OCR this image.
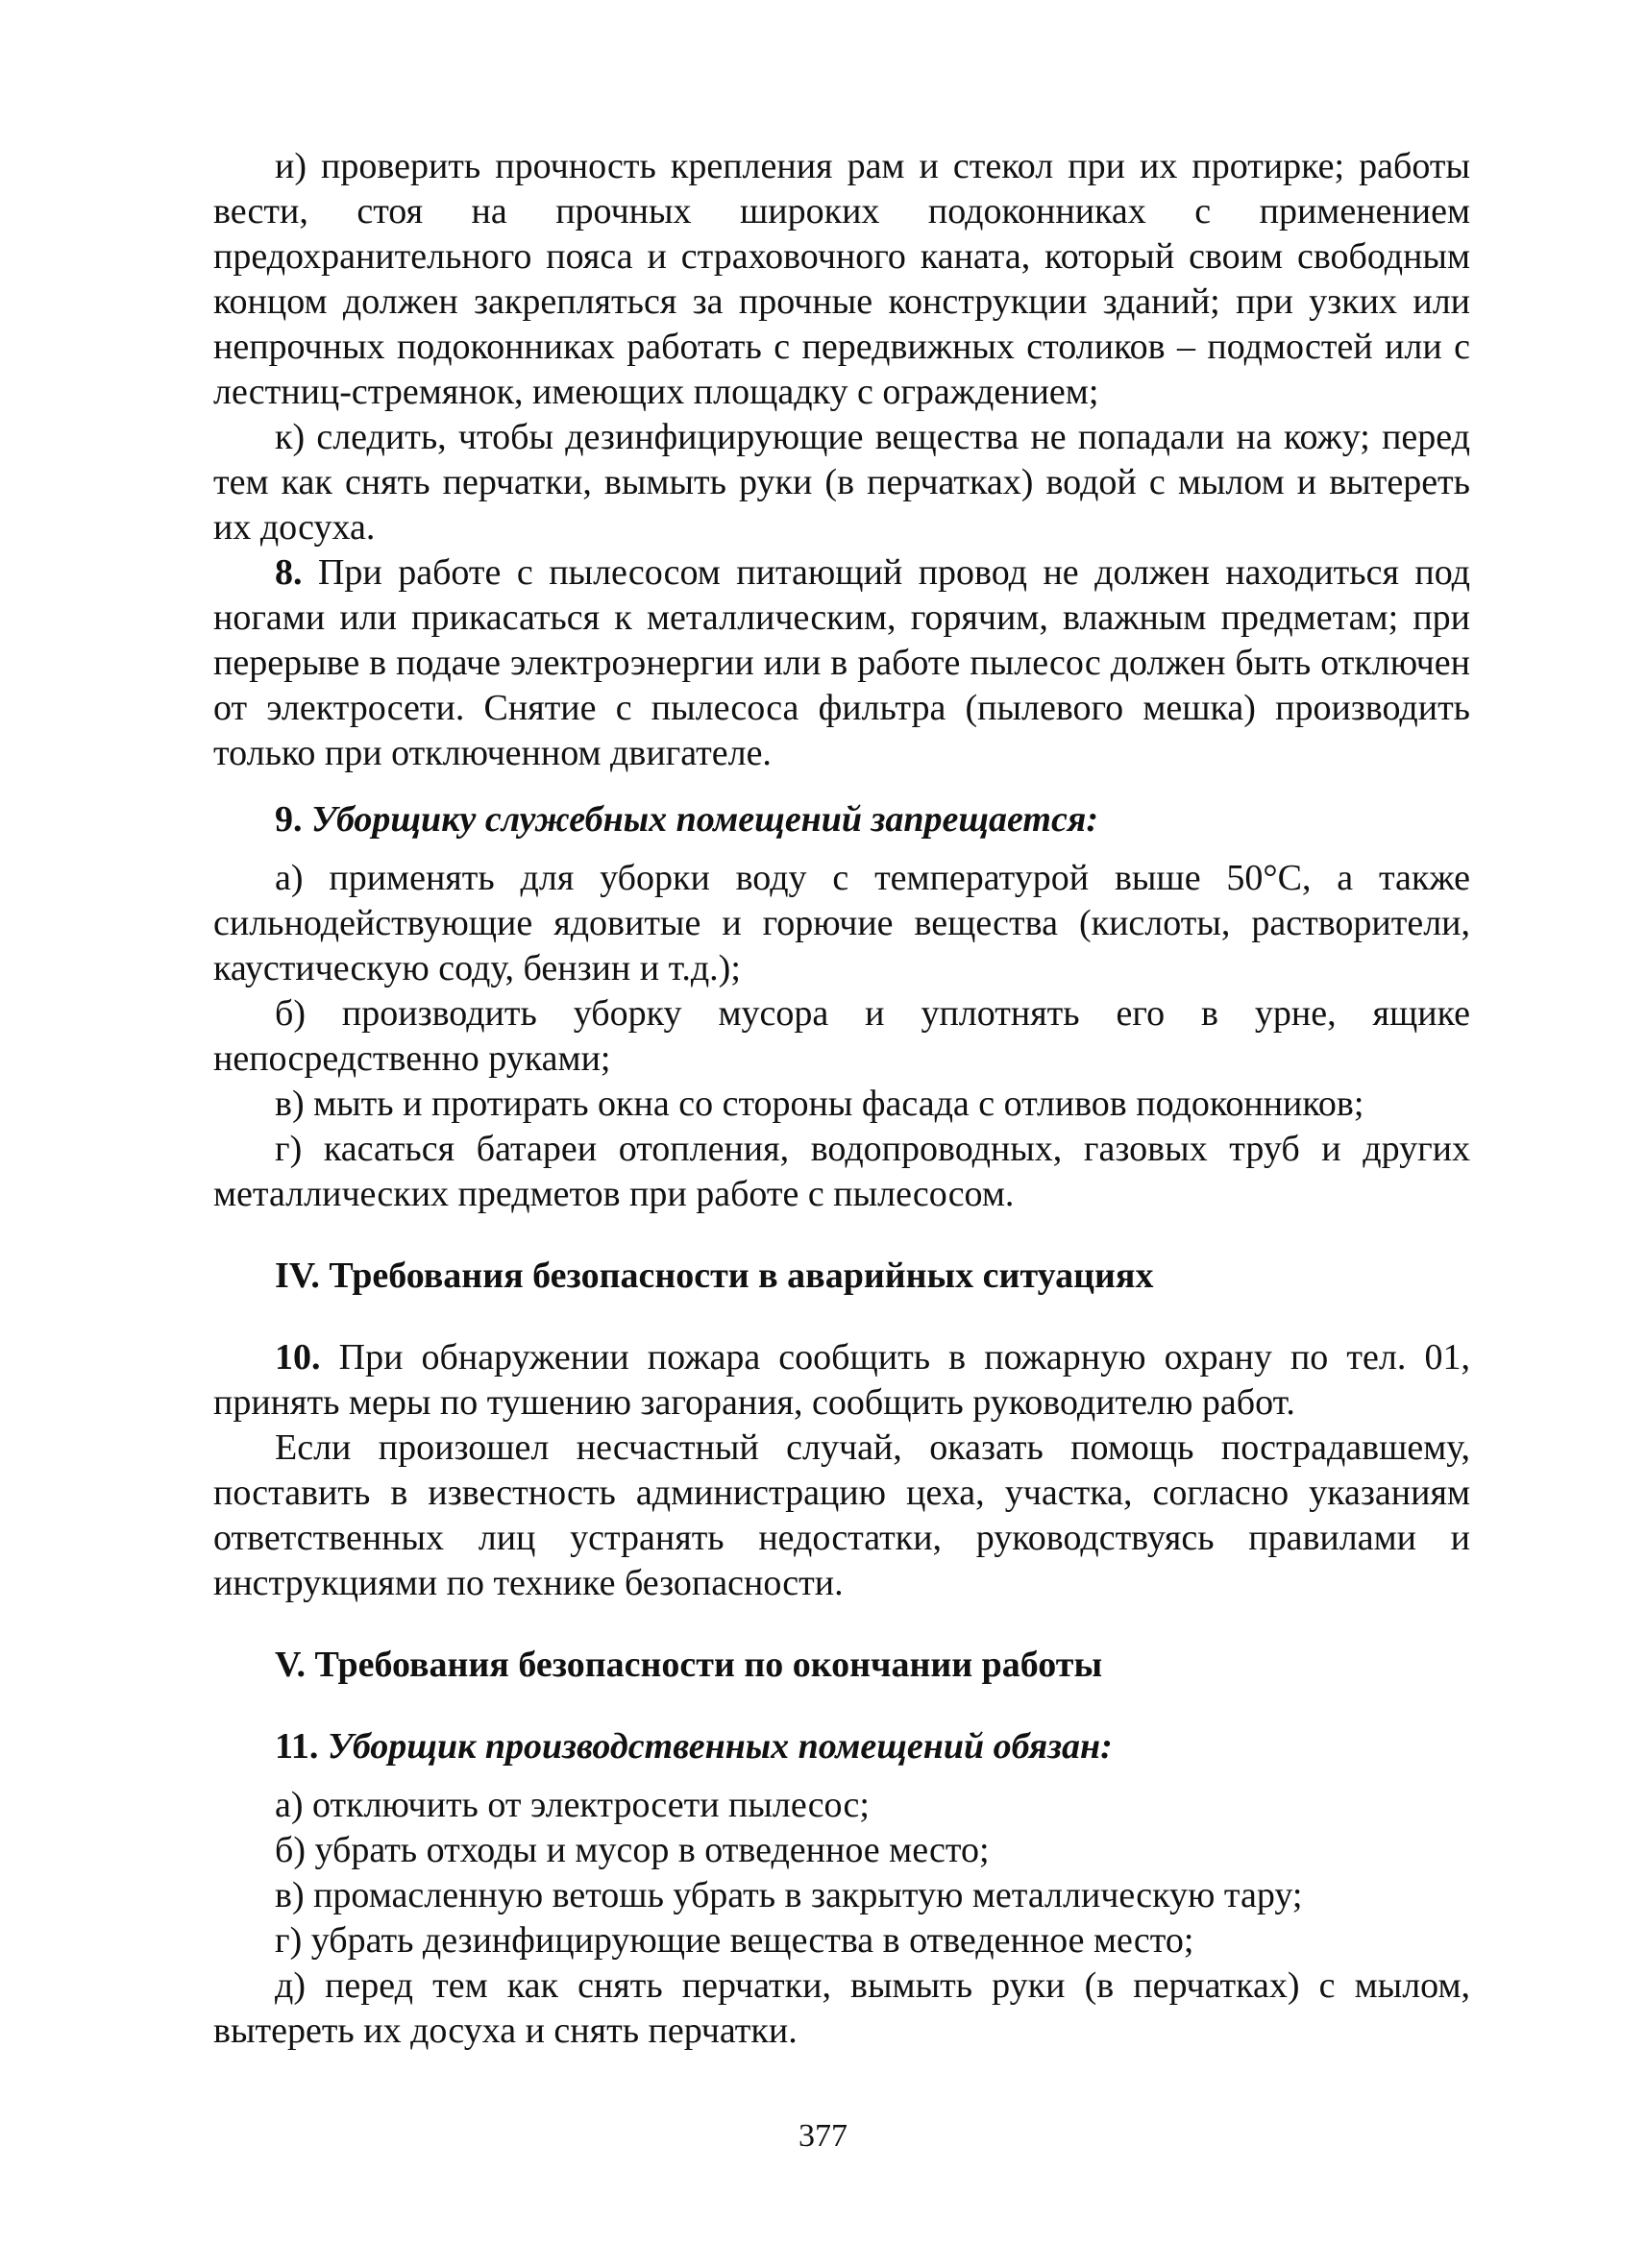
и) проверить прочность крепления рам и стекол при их протирке; работы вести, стоя на прочных широких подоконниках с применением предохранительного пояса и страховочного каната, который своим свободным концом должен закрепляться за прочные конструкции зданий; при узких или непрочных подоконниках работать с передвижных столиков – подмостей или с лестниц-стремянок, имеющих площадку с ограждением;

к) следить, чтобы дезинфицирующие вещества не попадали на кожу; перед тем как снять перчатки, вымыть руки (в перчатках) водой с мылом и вытереть их досуха.

8. При работе с пылесосом питающий провод не должен находиться под ногами или прикасаться к металлическим, горячим, влажным предметам; при перерыве в подаче электроэнергии или в работе пылесос должен быть отключен от электросети. Снятие с пылесоса фильтра (пылевого мешка) производить только при отключенном двигателе.

9. Уборщику служебных помещений запрещается:

а) применять для уборки воду с температурой выше 50°С, а также сильнодействующие ядовитые и горючие вещества (кислоты, растворители, каустическую соду, бензин и т.д.);

б) производить уборку мусора и уплотнять его в урне, ящике непосредственно руками;

в) мыть и протирать окна со стороны фасада с отливов подоконников;

г) касаться батареи отопления, водопроводных, газовых труб и других металлических предметов при работе с пылесосом.

IV. Требования безопасности в аварийных ситуациях

10. При обнаружении пожара сообщить в пожарную охрану по тел. 01, принять меры по тушению загорания, сообщить руководителю работ.

Если произошел несчастный случай, оказать помощь пострадавшему, поставить в известность администрацию цеха, участка, согласно указаниям ответственных лиц устранять недостатки, руководствуясь правилами и инструкциями по технике безопасности.

V. Требования безопасности по окончании работы

11. Уборщик производственных помещений обязан:

а) отключить от электросети пылесос;

б) убрать отходы и мусор в отведенное место;

в) промасленную ветошь убрать в закрытую металлическую тару;

г) убрать дезинфицирующие вещества в отведенное место;

д) перед тем как снять перчатки, вымыть руки (в перчатках) с мылом, вытереть их досуха и снять перчатки.

377
